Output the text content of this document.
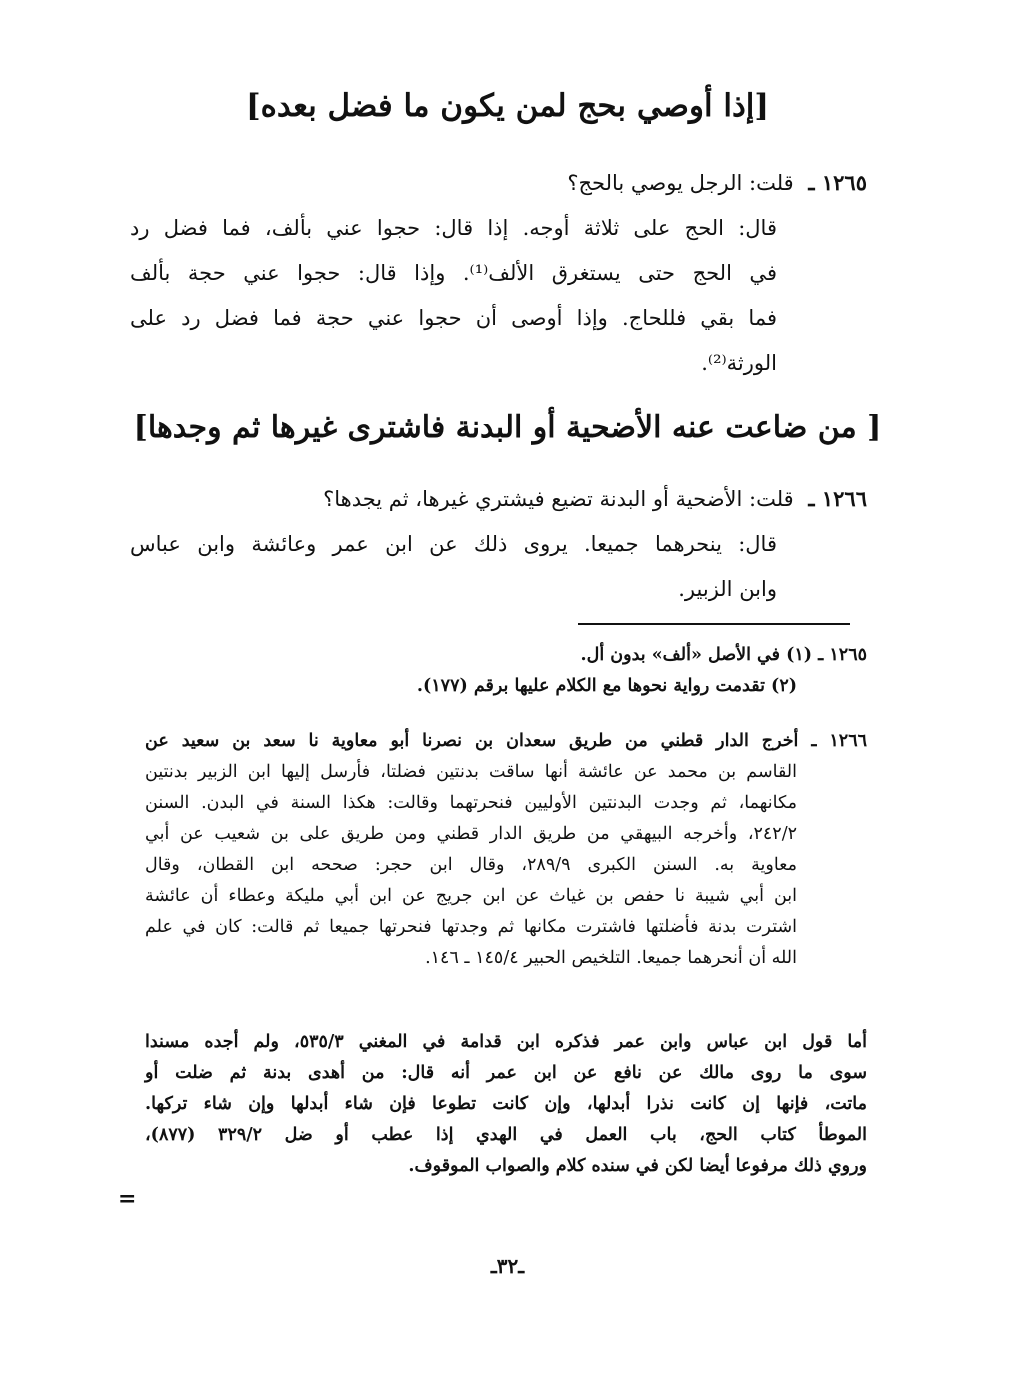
[إذا أوصي بحج لمن يكون ما فضل بعده]
١٢٦٥ ـ قلت: الرجل يوصي بالحج؟
قال: الحج على ثلاثة أوجه. إذا قال: حجوا عني بألف، فما فضل رد
في الحج حتى يستغرق الألف⁽¹⁾. وإذا قال: حجوا عني حجة بألف
فما بقي فللحاج. وإذا أوصى أن حجوا عني حجة فما فضل رد على
الورثة⁽²⁾.
[ من ضاعت عنه الأضحية أو البدنة فاشترى غيرها ثم وجدها]
١٢٦٦ ـ قلت: الأضحية أو البدنة تضيع فيشتري غيرها، ثم يجدها؟
قال: ينحرهما جميعا. يروى ذلك عن ابن عمر وعائشة وابن عباس
وابن الزبير.
١٢٦٥ ـ (١) في الأصل «ألف» بدون أل.
(٢) تقدمت رواية نحوها مع الكلام عليها برقم (١٧٧).
١٢٦٦ ـ أخرج الدار قطني من طريق سعدان بن نصرنا أبو معاوية نا سعد بن سعيد عن
القاسم بن محمد عن عائشة أنها ساقت بدنتين فضلتا، فأرسل إليها ابن الزبير بدنتين
مكانهما، ثم وجدت البدنتين الأوليين فنحرتهما وقالت: هكذا السنة في البدن. السنن
٢٤٢/٢، وأخرجه البيهقي من طريق الدار قطني ومن طريق على بن شعيب عن أبي
معاوية به. السنن الكبرى ٢٨٩/٩، وقال ابن حجر: صححه ابن القطان، وقال
ابن أبي شيبة نا حفص بن غياث عن ابن جريج عن ابن أبي مليكة وعطاء أن عائشة
اشترت بدنة فأضلتها فاشترت مكانها ثم وجدتها فنحرتها جميعا ثم قالت: كان في علم
الله أن أنحرهما جميعا. التلخيص الحبير ١٤٥/٤ ـ ١٤٦.
أما قول ابن عباس وابن عمر فذكره ابن قدامة في المغني ٥٣٥/٣، ولم أجده مسندا
سوى ما روى مالك عن نافع عن ابن عمر أنه قال: من أهدى بدنة ثم ضلت أو
ماتت، فإنها إن كانت نذرا أبدلها، وإن كانت تطوعا فإن شاء أبدلها وإن شاء تركها.
الموطأ كتاب الحج، باب العمل في الهدي إذا عطب أو ضل ٣٢٩/٢ (٨٧٧)،
وروي ذلك مرفوعا أيضا لكن في سنده كلام والصواب الموقوف.
=
ـ٣٢ـ
